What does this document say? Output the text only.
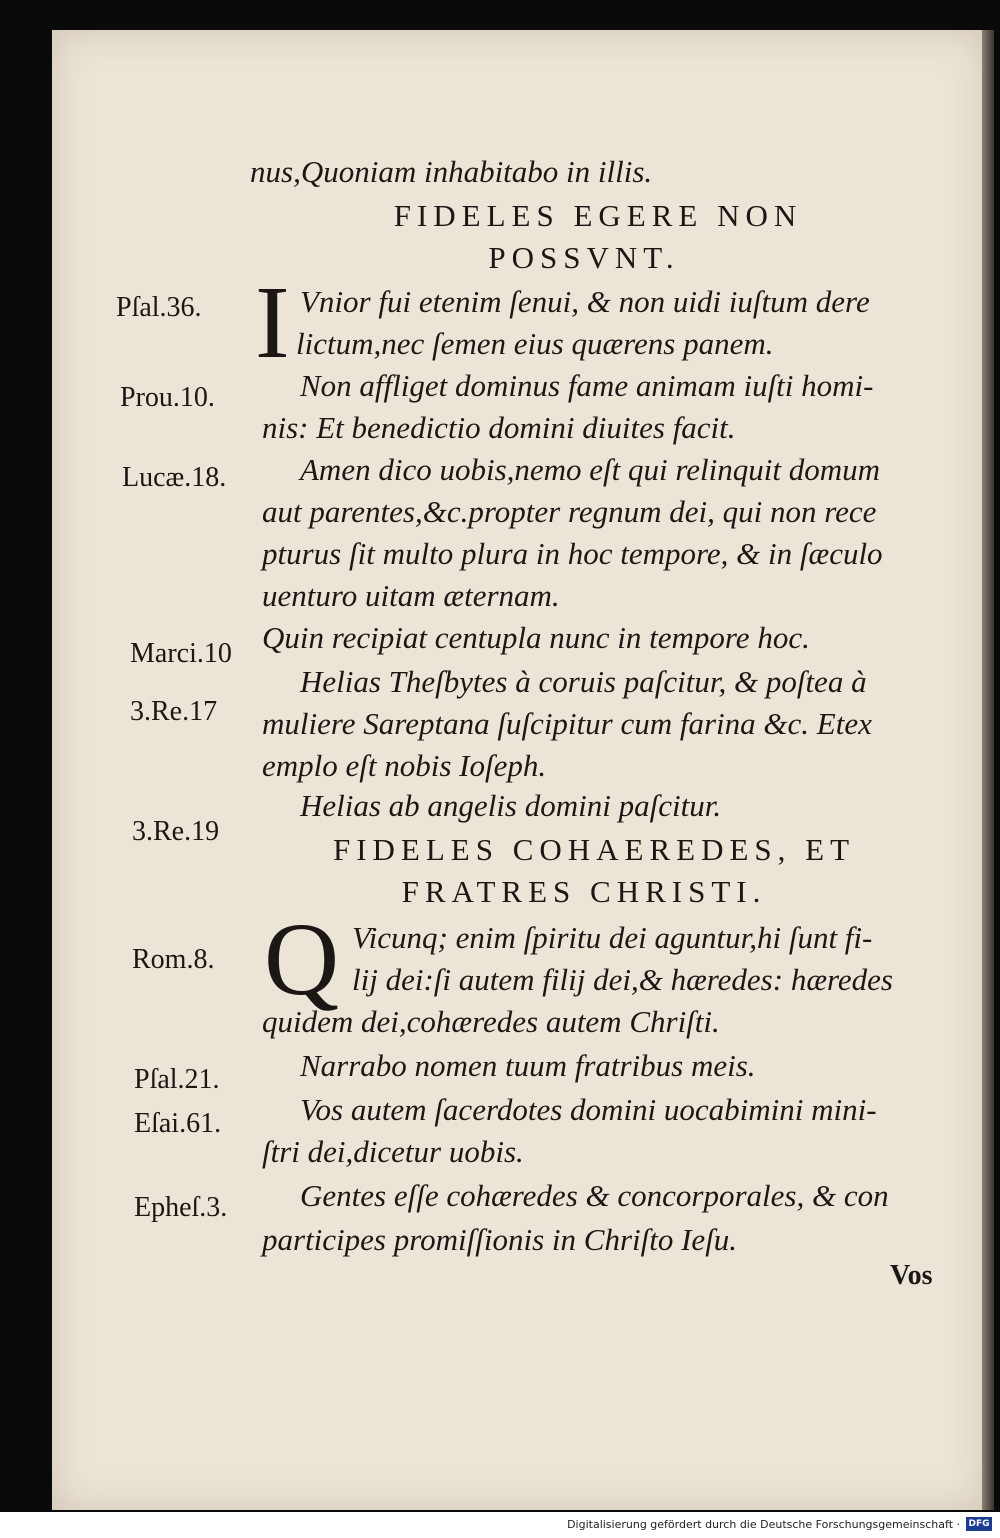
nus,Quoniam inhabitabo in illis.
FIDELES EGERE NON
POSSVNT.
I Vnior fui etenim ſenui, & non uidi iuſtum dere
lictum,nec ſemen eius quærens panem.
Non affliget dominus fame animam iuſti homi-
nis: Et benedictio domini diuites facit.
Amen dico uobis,nemo eſt qui relinquit domum
aut parentes,&c.propter regnum dei, qui non rece
pturus ſit multo plura in hoc tempore, & in ſæculo
uenturo uitam æternam.
Quin recipiat centupla nunc in tempore hoc.
Helias Theſbytes à coruis paſcitur, & poſtea à
muliere Sareptana ſuſcipitur cum farina &c. Etex
emplo eſt nobis Ioſeph.
Helias ab angelis domini paſcitur.
FIDELES COHAEREDES, ET
FRATRES CHRISTI.
Q Vicunq; enim ſpiritu dei aguntur,hi ſunt fi-
lij dei:ſi autem filij dei,& hæredes: hæredes
quidem dei,cohæredes autem Chriſti.
Narrabo nomen tuum fratribus meis.
Vos autem ſacerdotes domini uocabimini mini-
ſtri dei,dicetur uobis.
Gentes eſſe cohæredes & concorporales, & con
participes promiſſionis in Chriſto Ieſu.
Vos
Pſal.36.
Prou.10.
Lucæ.18.
Marci.10
3.Re.17
3.Re.19
Rom.8.
Pſal.21.
Eſai.61.
Epheſ.3.
Digitalisierung gefördert durch die Deutsche Forschungsgemeinschaft · DFG
